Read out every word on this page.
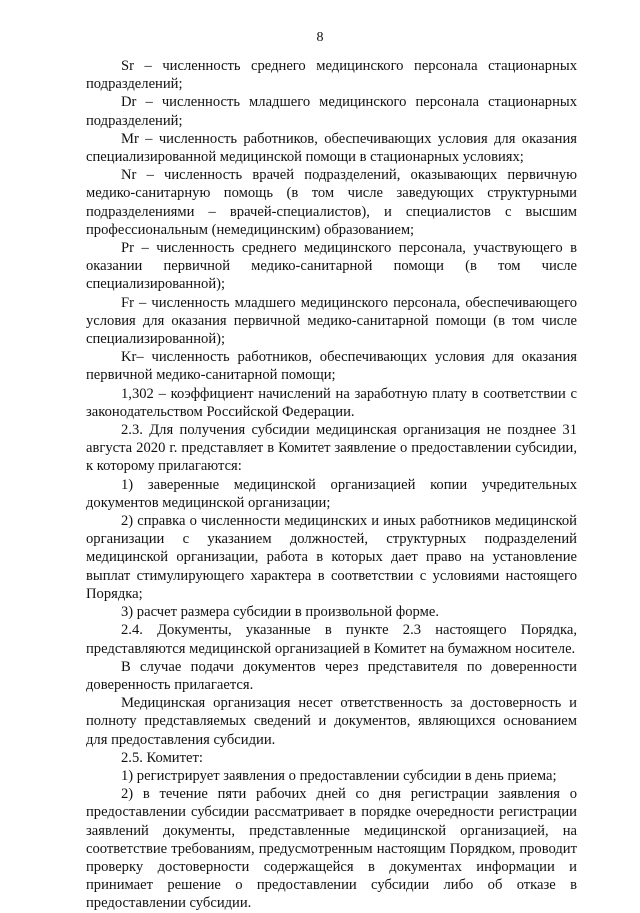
8

Sr – численность среднего медицинского персонала стационарных подразделений;

Dr – численность младшего медицинского персонала стационарных подразделений;

Mr – численность работников, обеспечивающих условия для оказания специализированной медицинской помощи в стационарных условиях;

Nr – численность врачей подразделений, оказывающих первичную медико-санитарную помощь (в том числе заведующих структурными подразделениями – врачей-специалистов), и специалистов с высшим профессиональным (немедицинским) образованием;

Pr – численность среднего медицинского персонала, участвующего в оказании первичной медико-санитарной помощи (в том числе специализированной);

Fr – численность младшего медицинского персонала, обеспечивающего условия для оказания первичной медико-санитарной помощи (в том числе специализированной);

Kr– численность работников, обеспечивающих условия для оказания первичной медико-санитарной помощи;

1,302 – коэффициент начислений на заработную плату в соответствии с законодательством Российской Федерации.

2.3. Для получения субсидии медицинская организация не позднее 31 августа 2020 г. представляет в Комитет заявление о предоставлении субсидии, к которому прилагаются:

1) заверенные медицинской организацией копии учредительных документов медицинской организации;

2) справка о численности медицинских и иных работников медицинской организации с указанием должностей, структурных подразделений медицинской организации, работа в которых дает право на установление выплат стимулирующего характера в соответствии с условиями настоящего Порядка;

3) расчет размера субсидии в произвольной форме.

2.4. Документы, указанные в пункте 2.3 настоящего Порядка, представляются медицинской организацией в Комитет на бумажном носителе.

В случае подачи документов через представителя по доверенности доверенность прилагается.

Медицинская организация несет ответственность за достоверность и полноту представляемых сведений и документов, являющихся основанием для предоставления субсидии.

2.5. Комитет:

1) регистрирует заявления о предоставлении субсидии в день приема;

2) в течение пяти рабочих дней со дня регистрации заявления о предоставлении субсидии рассматривает в порядке очередности регистрации заявлений документы, представленные медицинской организацией, на соответствие требованиям, предусмотренным настоящим Порядком, проводит проверку достоверности содержащейся в документах информации и принимает решение о предоставлении субсидии либо об отказе в предоставлении субсидии.
